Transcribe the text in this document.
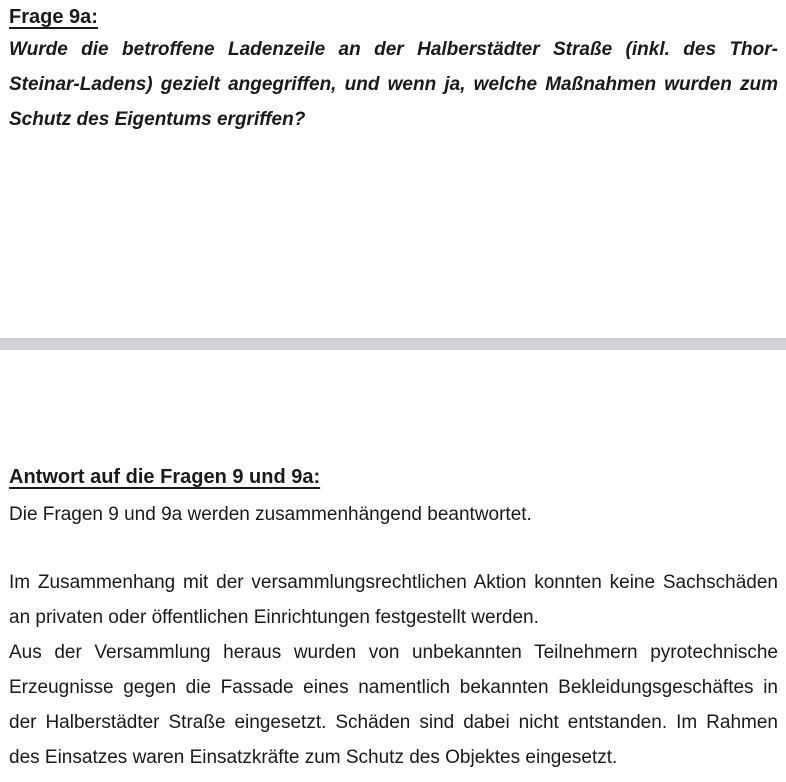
Frage 9a:
Wurde die betroffene Ladenzeile an der Halberstädter Straße (inkl. des Thor-
Steinar-Ladens) gezielt angegriffen, und wenn ja, welche Maßnahmen wurden zum
Schutz des Eigentums ergriffen?
Antwort auf die Fragen 9 und 9a:
Die Fragen 9 und 9a werden zusammenhängend beantwortet.
Im Zusammenhang mit der versammlungsrechtlichen Aktion konnten keine Sachschäden
an privaten oder öffentlichen Einrichtungen festgestellt werden.
Aus der Versammlung heraus wurden von unbekannten Teilnehmern pyrotechnische
Erzeugnisse gegen die Fassade eines namentlich bekannten Bekleidungsgeschäftes in
der Halberstädter Straße eingesetzt. Schäden sind dabei nicht entstanden. Im Rahmen
des Einsatzes waren Einsatzkräfte zum Schutz des Objektes eingesetzt.
